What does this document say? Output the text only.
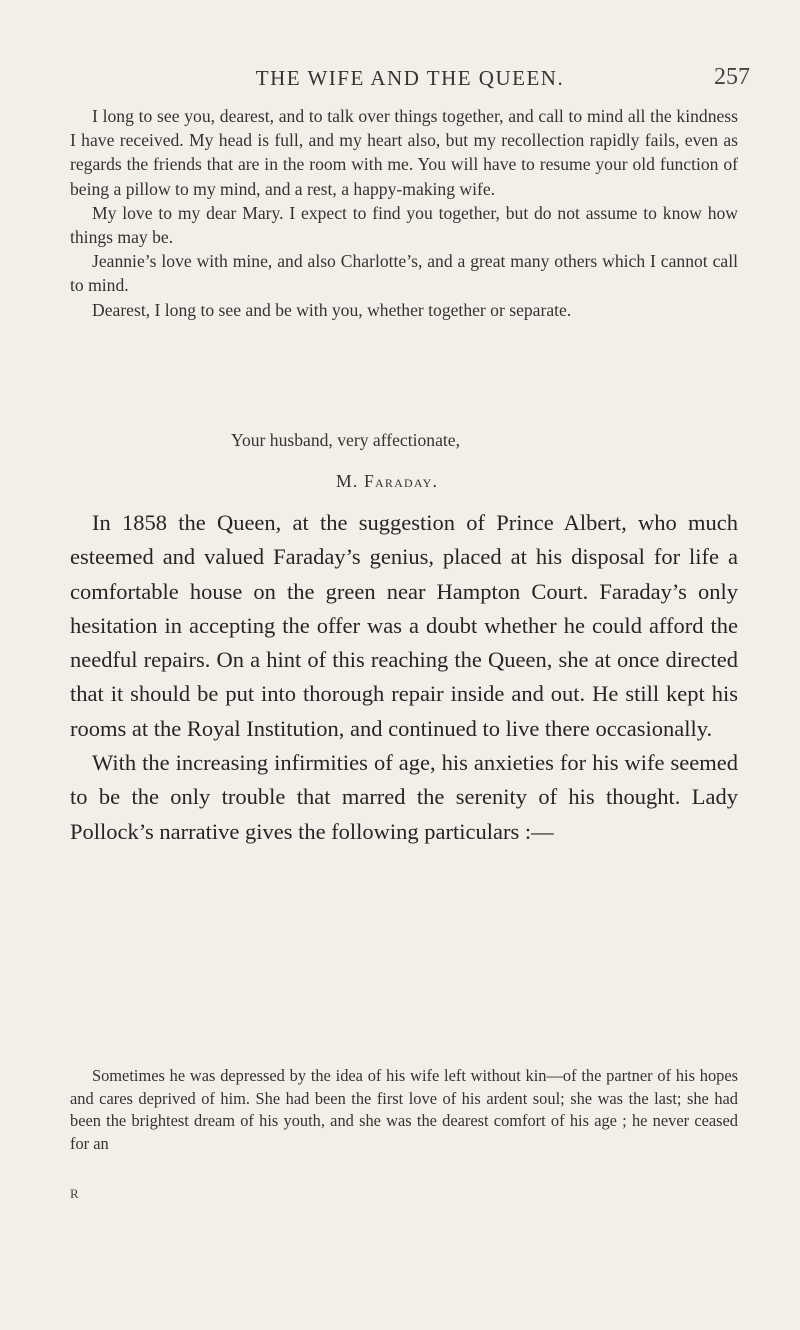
THE WIFE AND THE QUEEN.	257

I long to see you, dearest, and to talk over things together, and call to mind all the kindness I have received. My head is full, and my heart also, but my recollection rapidly fails, even as regards the friends that are in the room with me. You will have to resume your old function of being a pillow to my mind, and a rest, a happy-making wife.

My love to my dear Mary. I expect to find you together, but do not assume to know how things may be.

Jeannie’s love with mine, and also Charlotte’s, and a great many others which I cannot call to mind.

Dearest, I long to see and be with you, whether together or separate.

Your husband, very affectionate,

M. Faraday.

In 1858 the Queen, at the suggestion of Prince Albert, who much esteemed and valued Faraday’s genius, placed at his disposal for life a comfortable house on the green near Hampton Court. Faraday’s only hesitation in accepting the offer was a doubt whether he could afford the needful repairs. On a hint of this reaching the Queen, she at once directed that it should be put into thorough repair inside and out. He still kept his rooms at the Royal Institution, and continued to live there occasionally.

With the increasing infirmities of age, his anxieties for his wife seemed to be the only trouble that marred the serenity of his thought. Lady Pollock’s narrative gives the following particulars :—

Sometimes he was depressed by the idea of his wife left without kin—of the partner of his hopes and cares deprived of him. She had been the first love of his ardent soul; she was the last; she had been the brightest dream of his youth, and she was the dearest comfort of his age ; he never ceased for an

R
